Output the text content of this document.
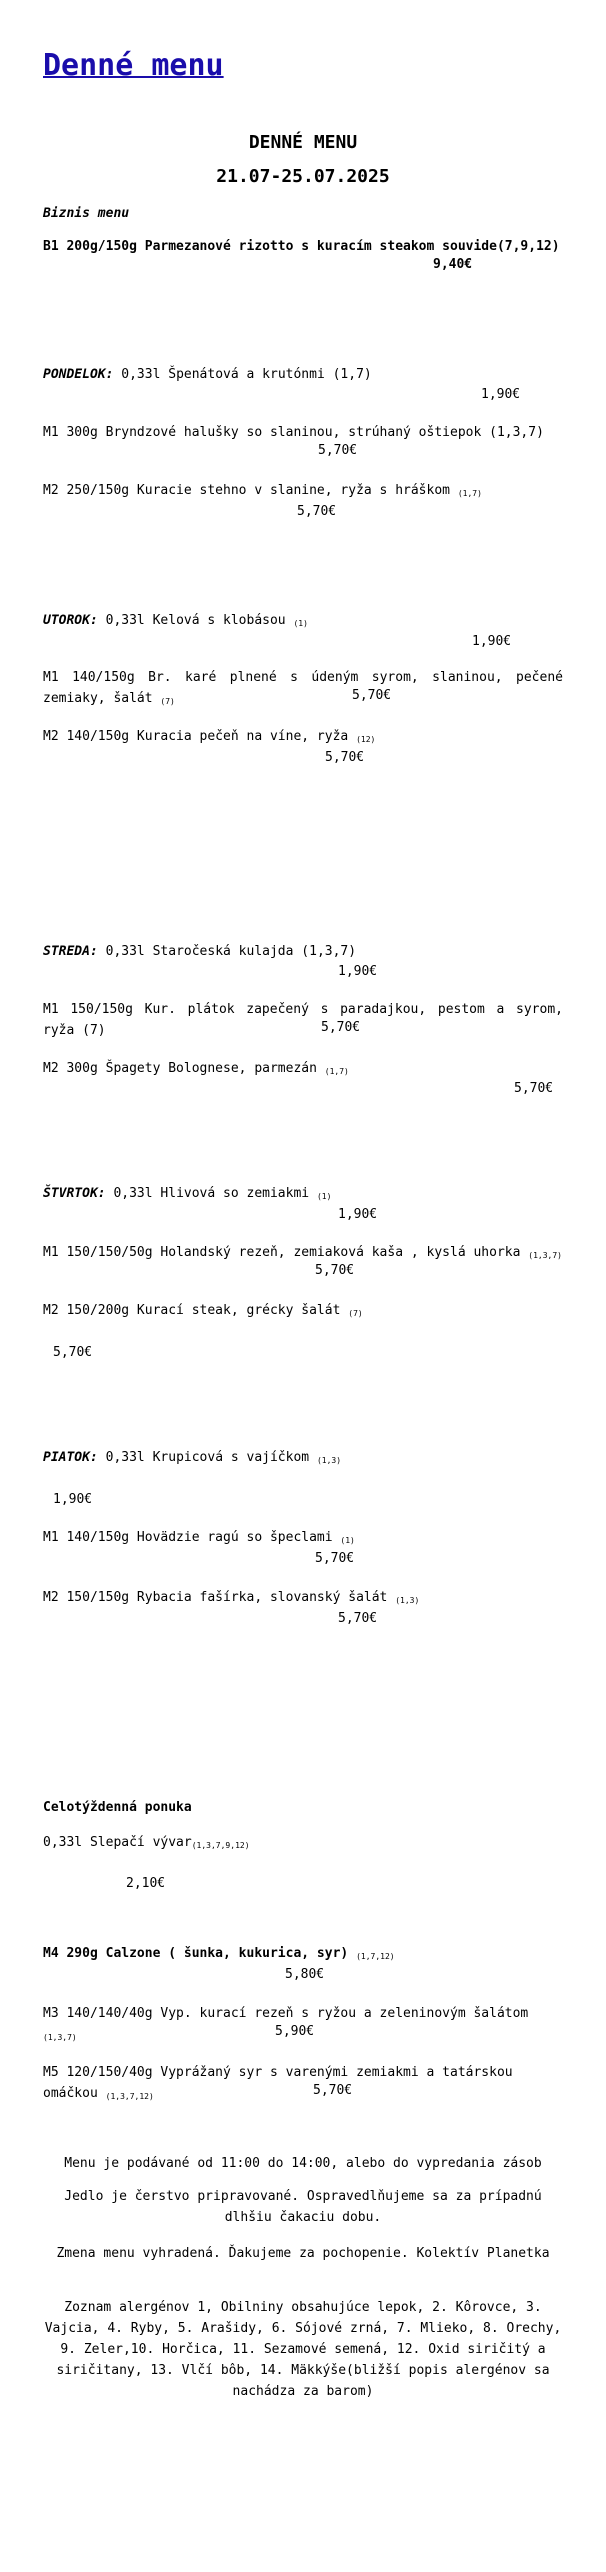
Denné menu
DENNÉ MENU
21.07-25.07.2025
Biznis menu
B1 200g/150g Parmezanové rizotto s kuracím steakom souvide(7,9,12)
9,40€
PONDELOK: 0,33l Špenátová a krutónmi (1,7)
1,90€
M1 300g Bryndzové halušky so slaninou, strúhaný oštiepok (1,3,7)
5,70€
M2 250/150g Kuracie stehno v slanine, ryža s hráškom (1,7)
5,70€
UTOROK: 0,33l Kelová s klobásou (1)
1,90€
M1 140/150g Br. karé plnené s údeným syrom, slaninou, pečené zemiaky, šalát (7)	5,70€
M2 140/150g Kuracia pečeň na víne, ryža (12)
5,70€
STREDA: 0,33l Staročeská kulajda (1,3,7)
1,90€
M1 150/150g Kur. plátok zapečený s paradajkou, pestom a syrom, ryža (7)	5,70€
M2 300g Špagety Bolognese, parmezán (1,7)
5,70€
ŠTVRTOK: 0,33l Hlivová so zemiakmi (1)
1,90€
M1 150/150/50g Holandský rezeň, zemiaková kaša , kyslá uhorka (1,3,7)
5,70€
M2 150/200g Kurací steak, grécky šalát (7)
5,70€
PIATOK: 0,33l Krupicová s vajíčkom (1,3)
1,90€
M1 140/150g Hovädzie ragú so špeclami (1)
5,70€
M2 150/150g Rybacia fašírka, slovanský šalát (1,3)
5,70€
Celotýždenná ponuka
0,33l Slepačí vývar(1,3,7,9,12)
2,10€
M4 290g Calzone ( šunka, kukurica, syr) (1,7,12)
5,80€
M3 140/140/40g Vyp. kurací rezeň s ryžou a zeleninovým šalátom (1,3,7)	5,90€
M5 120/150/40g Vyprážaný syr s varenými zemiakmi a tatárskou omáčkou (1,3,7,12)	5,70€
Menu je podávané od 11:00 do 14:00, alebo do vypredania zásob
Jedlo je čerstvo pripravované. Ospravedlňujeme sa za prípadnú dlhšiu čakaciu dobu.
Zmena menu vyhradená. Ďakujeme za pochopenie. Kolektív Planetka
Zoznam alergénov 1, Obilniny obsahujúce lepok, 2. Kôrovce, 3. Vajcia, 4. Ryby, 5. Arašidy, 6. Sójové zrná, 7. Mlieko, 8. Orechy, 9. Zeler,10. Horčica, 11. Sezamové semená, 12. Oxid siričitý a siričitany, 13. Vlčí bôb, 14. Mäkkýše(bližší popis alergénov sa nachádza za barom)
